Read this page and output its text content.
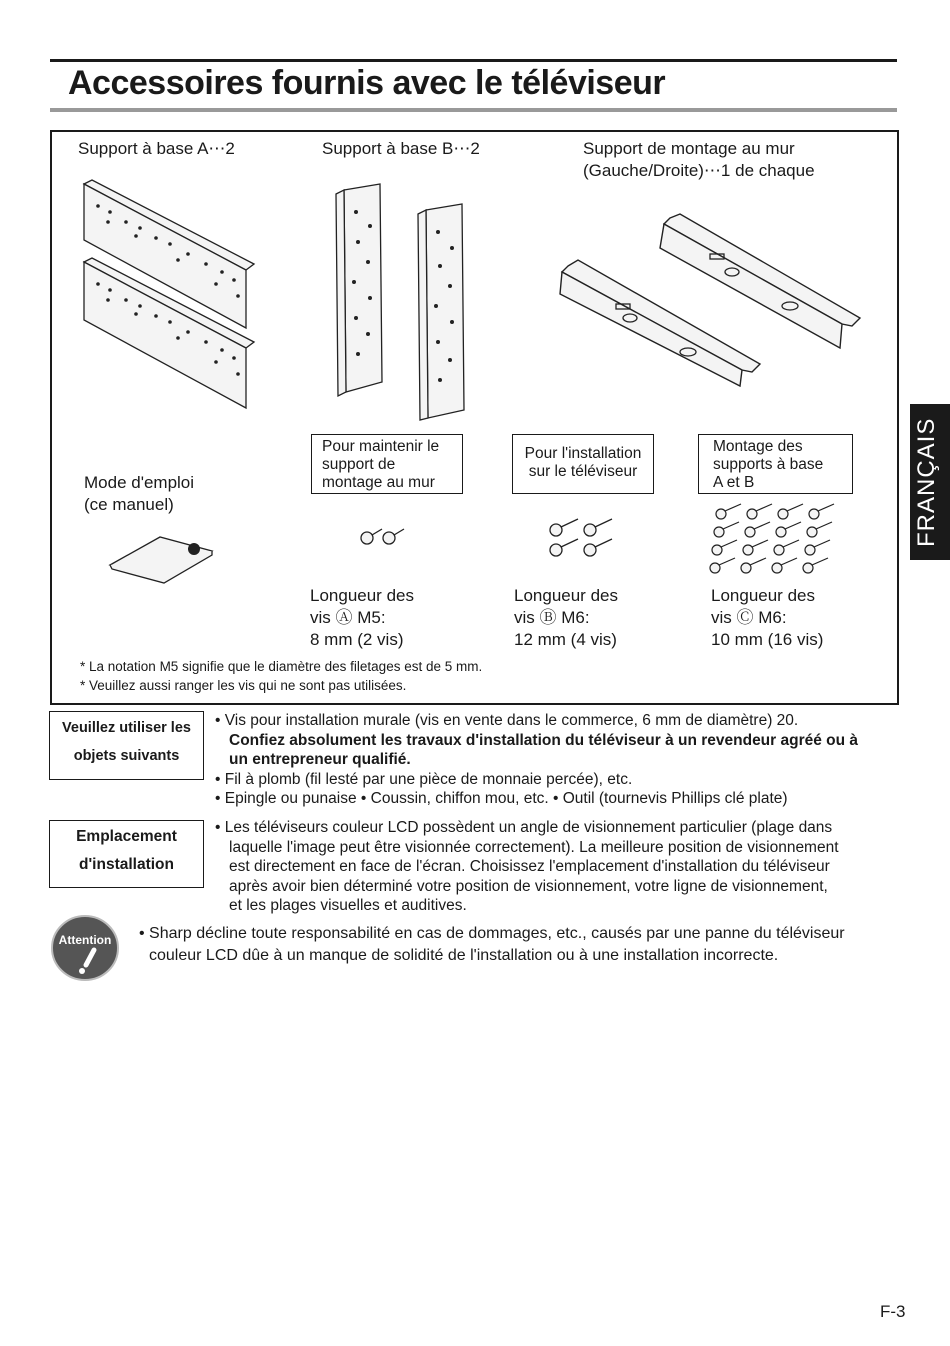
Accessoires fournis avec le téléviseur
FRANÇAIS
Support à base A⋯2	Support à base B⋯2	Support de montage au mur
(Gauche/Droite)⋯1 de chaque
Mode d'emploi
(ce manuel)
Pour maintenir le
support de
montage au mur
Pour l'installation
sur le téléviseur
Montage des
supports à base
A et B
Longueur des
vis Ⓐ M5:
8 mm (2 vis)
Longueur des
vis Ⓑ M6:
12 mm (4 vis)
Longueur des
vis Ⓒ M6:
10 mm (16 vis)
* La notation M5 signifie que le diamètre des filetages est de 5 mm.
* Veuillez aussi ranger les vis qui ne sont pas utilisées.
Veuillez utiliser les
objets suivants
• Vis pour installation murale (vis en vente dans le commerce, 6 mm de diamètre) 20.
Confiez absolument les travaux d'installation du téléviseur à un revendeur agréé ou à
un entrepreneur qualifié.
• Fil à plomb (fil lesté par une pièce de monnaie percée), etc.
• Epingle ou punaise • Coussin, chiffon mou, etc. • Outil (tournevis Phillips clé plate)
Emplacement
d'installation
• Les téléviseurs couleur LCD possèdent un angle de visionnement particulier (plage dans
laquelle l'image peut être visionnée correctement). La meilleure position de visionnement
est directement en face de l'écran. Choisissez l'emplacement d'installation du téléviseur
après avoir bien déterminé votre position de visionnement, votre ligne de visionnement,
et les plages visuelles et auditives.
Attention • Sharp décline toute responsabilité en cas de dommages, etc., causés par une panne du téléviseur
couleur LCD dûe à un manque de solidité de l'installation ou à une installation incorrecte.
F-3
